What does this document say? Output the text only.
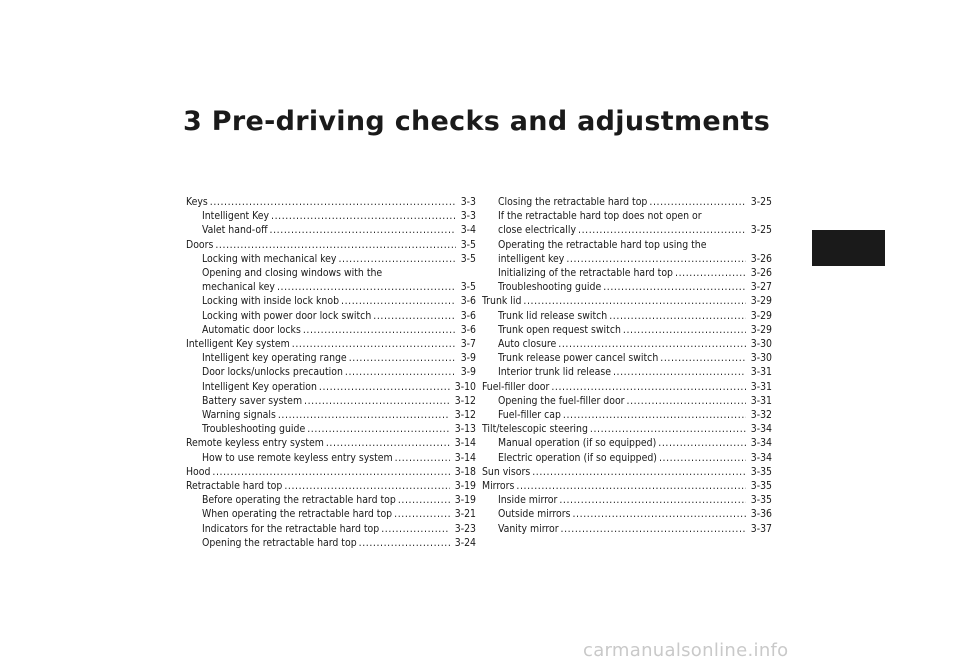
3 Pre-driving checks and adjustments
Keys .....	3-3
Intelligent Key .....	3-3
Valet hand-off .....	3-4
Doors .....	3-5
Locking with mechanical key .....	3-5
Opening and closing windows with the
mechanical key .....	3-5
Locking with inside lock knob .....	3-6
Locking with power door lock switch .....	3-6
Automatic door locks .....	3-6
Intelligent Key system .....	3-7
Intelligent key operating range .....	3-9
Door locks/unlocks precaution .....	3-9
Intelligent Key operation .....	3-10
Battery saver system .....	3-12
Warning signals .....	3-12
Troubleshooting guide .....	3-13
Remote keyless entry system .....	3-14
How to use remote keyless entry system .....	3-14
Hood .....	3-18
Retractable hard top .....	3-19
Before operating the retractable hard top .....	3-19
When operating the retractable hard top .....	3-21
Indicators for the retractable hard top .....	3-23
Opening the retractable hard top .....	3-24
Closing the retractable hard top .....	3-25
If the retractable hard top does not open or
close electrically .....	3-25
Operating the retractable hard top using the
intelligent key .....	3-26
Initializing of the retractable hard top .....	3-26
Troubleshooting guide .....	3-27
Trunk lid .....	3-29
Trunk lid release switch .....	3-29
Trunk open request switch .....	3-29
Auto closure .....	3-30
Trunk release power cancel switch .....	3-30
Interior trunk lid release .....	3-31
Fuel-filler door .....	3-31
Opening the fuel-filler door .....	3-31
Fuel-filler cap .....	3-32
Tilt/telescopic steering .....	3-34
Manual operation (if so equipped) .....	3-34
Electric operation (if so equipped) .....	3-34
Sun visors .....	3-35
Mirrors .....	3-35
Inside mirror .....	3-35
Outside mirrors .....	3-36
Vanity mirror .....	3-37
carmanualsonline.info
